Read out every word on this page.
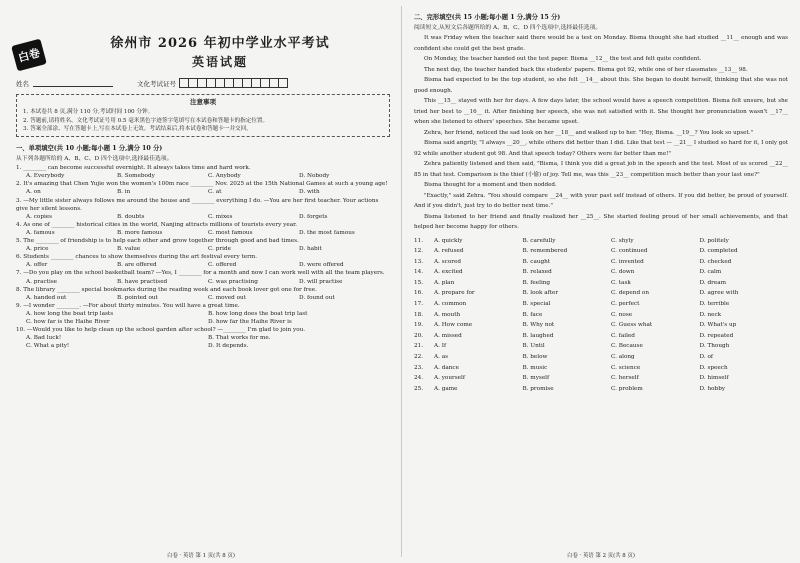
白卷
徐州市 2026 年初中学业水平考试
英语试题
姓名	文化考试证号
注意事项
1. 本试卷共 8 页,满分 110 分,考试时间 100 分钟。
2. 答题前,请将姓名、文化考试证号用 0.5 毫米黑色字迹签字笔填写在本试卷和答题卡的指定位置。
3. 答案全部涂、写在答题卡上,写在本试卷上无效。考试结束后,将本试卷和答题卡一并交回。
一、单项填空(共 10 小题;每小题 1 分,满分 10 分)
从下列各题所给的 A、B、C、D 四个选项中,选择最佳选项。
1. ________ can become successful overnight. It always takes time and hard work.
A. Everybody	B. Somebody	C. Anybody	D. Nobody
2. It's amazing that Chen Yujie won the women's 100m race ________ Nov. 2025 at the 15th National Games at such a young age!
A. on	B. in	C. at	D. with
3. —My little sister always follows me around the house and ________ everything I do. —You are her first teacher. Your actions give her silent lessons.
A. copies	B. doubts	C. mixes	D. forgets
4. As one of ________ historical cities in the world, Nanjing attracts millions of tourists every year.
A. famous	B. more famous	C. most famous	D. the most famous
5. The ________ of friendship is to help each other and grow together through good and bad times.
A. price	B. value	C. pride	D. habit
6. Students ________ chances to show themselves during the art festival every term.
A. offer	B. are offered	C. offered	D. were offered
7. —Do you play on the school basketball team? —Yes, I ________ for a month and now I can work well with all the team players.
A. practise	B. have practised	C. was practising	D. will practise
8. The library ________ special bookmarks during the reading week and each book lover got one for free.
A. handed out	B. pointed out	C. moved out	D. found out
9. —I wonder ________. —For about thirty minutes. You will have a great time.
A. how long the boat trip lasts	B. how long does the boat trip last
C. how far is the Haihe River	D. how far the Haihe River is
10. —Would you like to help clean up the school garden after school? —________ I'm glad to join you.
A. Bad luck!	B. That works for me.
C. What a pity!	D. It depends.
白卷 · 英语 第 1 页(共 8 页)
二、完形填空(共 15 小题;每小题 1 分,满分 15 分)
阅读短文,从短文后各题所给的 A、B、C、D 四个选项中,选择最佳选项。

It was Friday when the teacher said there would be a test on Monday. Bisma thought she had studied __11__ enough and was confident she could get the best grade.

On Monday, the teacher handed out the test paper. Bisma __12__ the test and felt quite confident.

The next day, the teacher handed back the students' papers. Bisma got 92, while one of her classmates __13__ 98.

Bisma had expected to be the top student, so she felt __14__ about this. She began to doubt herself, thinking that she was not good enough.

This __15__ stayed with her for days. A few days later, the school would have a speech competition. Bisma felt unsure, but she tried her best to __16__ it. After finishing her speech, she was not satisfied with it. She thought her pronunciation wasn't __17__ when she listened to others' speeches. She became upset.

Zehra, her friend, noticed the sad look on her __18__ and walked up to her. "Hey, Bisma. __19__? You look so upset."

Bisma said angrily, "I always __20__, while others did better than I did. Like that test — __21__ I studied so hard for it, I only got 92 while another student got 98. And that speech today? Others were far better than me!"

Zehra patiently listened and then said, "Bisma, I think you did a great job in the speech and the test. Most of us scored __22__ 85 in that test. Comparison is the thief (小偷) of joy. Tell me, was this __23__ competition much better than your last one?"

Bisma thought for a moment and then nodded.

"Exactly," said Zehra. "You should compare __24__ with your past self instead of others. If you did better, be proud of yourself. And if you didn't, just try to do better next time."

Bisma listened to her friend and finally realized her __25__. She started feeling proud of her small achievements, and that helped her become happy for others.

11.	A. quickly	B. carefully	C. shyly	D. politely
12.	A. refused	B. remembered	C. continued	D. completed
13.	A. scored	B. caught	C. invented	D. checked
14.	A. excited	B. relaxed	C. down	D. calm
15.	A. plan	B. feeling	C. task	D. dream
16.	A. prepare for	B. look after	C. depend on	D. agree with
17.	A. common	B. special	C. perfect	D. terrible
18.	A. mouth	B. face	C. nose	D. neck
19.	A. How come	B. Why not	C. Guess what	D. What's up
20.	A. missed	B. laughed	C. failed	D. repeated
21.	A. If	B. Until	C. Because	D. Though
22.	A. as	B. below	C. along	D. of
23.	A. dance	B. music	C. science	D. speech
24.	A. yourself	B. myself	C. herself	D. himself
25.	A. game	B. promise	C. problem	D. hobby
白卷 · 英语 第 2 页(共 8 页)
